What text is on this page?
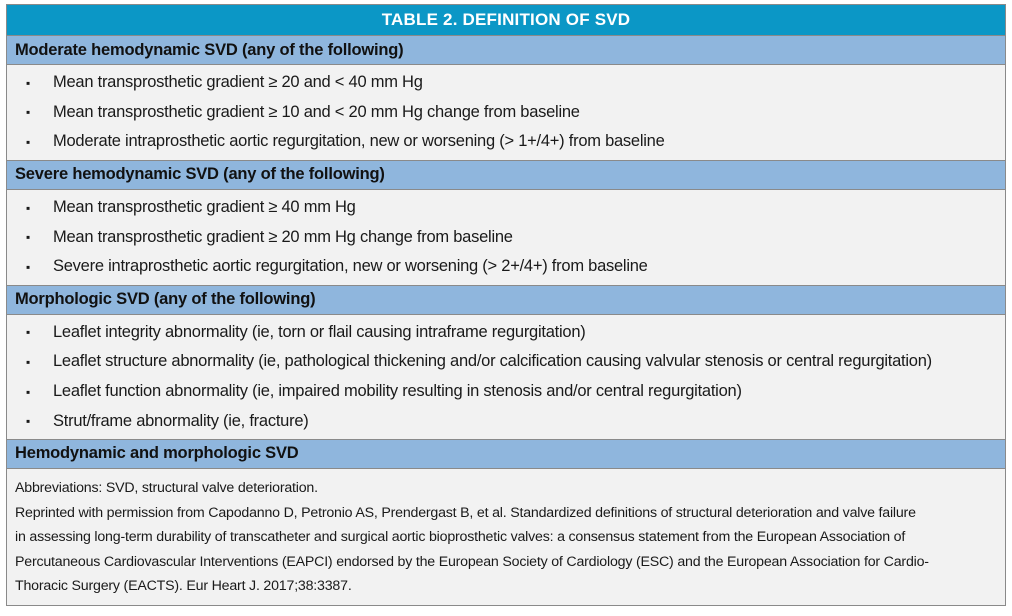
TABLE 2. DEFINITION OF SVD
Moderate hemodynamic SVD (any of the following)
▪	Mean transprosthetic gradient ≥ 20 and < 40 mm Hg
▪	Mean transprosthetic gradient ≥ 10 and < 20 mm Hg change from baseline
▪	Moderate intraprosthetic aortic regurgitation, new or worsening (> 1+/4+) from baseline
Severe hemodynamic SVD (any of the following)
▪	Mean transprosthetic gradient ≥ 40 mm Hg
▪	Mean transprosthetic gradient ≥ 20 mm Hg change from baseline
▪	Severe intraprosthetic aortic regurgitation, new or worsening (> 2+/4+) from baseline
Morphologic SVD (any of the following)
▪	Leaflet integrity abnormality (ie, torn or flail causing intraframe regurgitation)
▪	Leaflet structure abnormality (ie, pathological thickening and/or calcification causing valvular stenosis or central regurgitation)
▪	Leaflet function abnormality (ie, impaired mobility resulting in stenosis and/or central regurgitation)
▪	Strut/frame abnormality (ie, fracture)
Hemodynamic and morphologic SVD

Abbreviations: SVD, structural valve deterioration.

Reprinted with permission from Capodanno D, Petronio AS, Prendergast B, et al. Standardized definitions of structural deterioration and valve failure

in assessing long-term durability of transcatheter and surgical aortic bioprosthetic valves: a consensus statement from the European Association of

Percutaneous Cardiovascular Interventions (EAPCI) endorsed by the European Society of Cardiology (ESC) and the European Association for Cardio-

Thoracic Surgery (EACTS). Eur Heart J. 2017;38:3387.
